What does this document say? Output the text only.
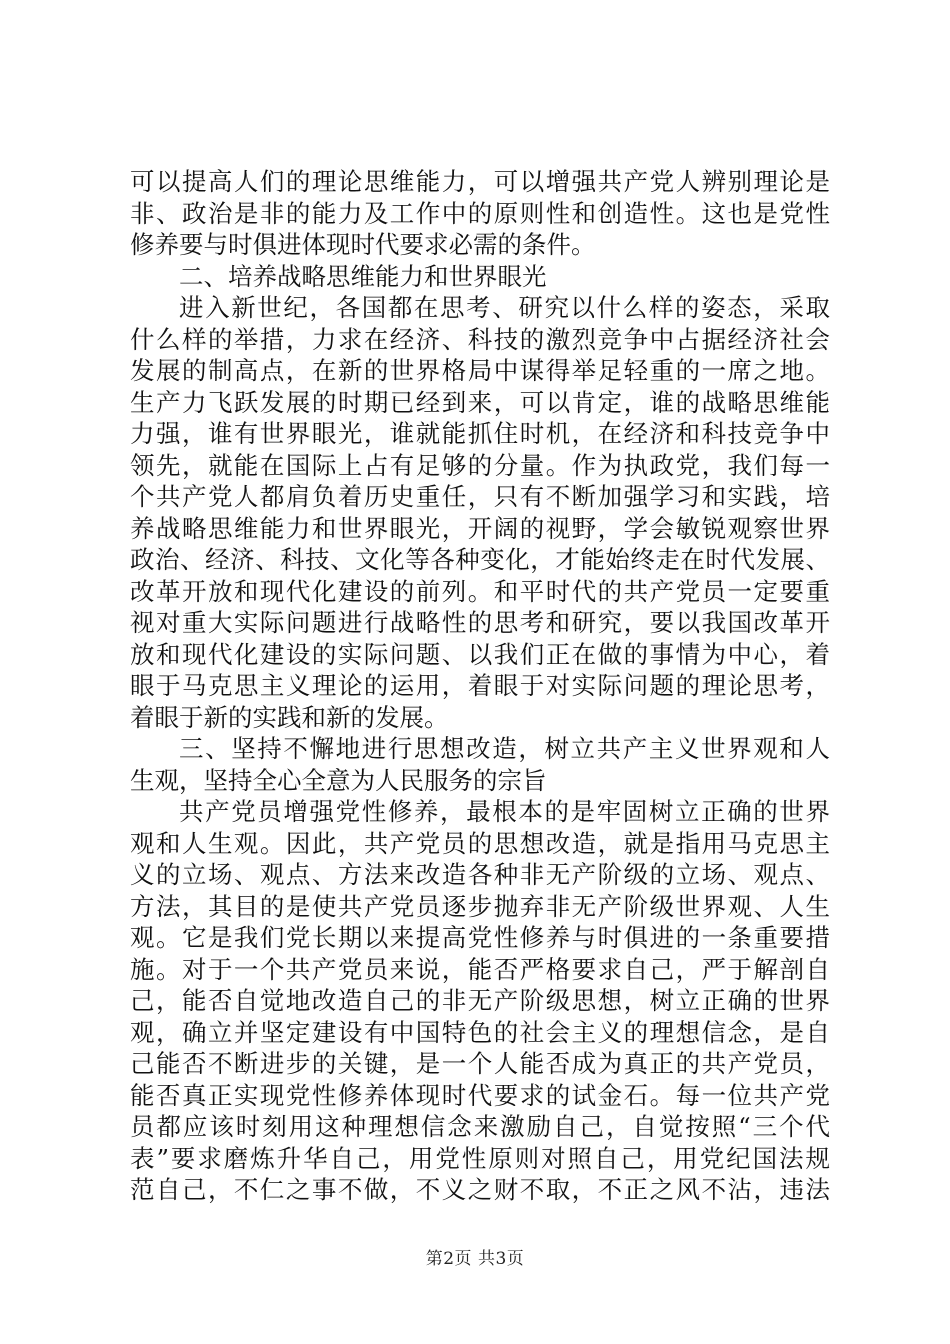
可以提高人们的理论思维能力，可以增强共产党人辨别理论是
非、政治是非的能力及工作中的原则性和创造性。这也是党性
修养要与时俱进体现时代要求必需的条件。
二、培养战略思维能力和世界眼光
进入新世纪，各国都在思考、研究以什么样的姿态，采取
什么样的举措，力求在经济、科技的激烈竞争中占据经济社会
发展的制高点，在新的世界格局中谋得举足轻重的一席之地。
生产力飞跃发展的时期已经到来，可以肯定，谁的战略思维能
力强，谁有世界眼光，谁就能抓住时机，在经济和科技竞争中
领先，就能在国际上占有足够的分量。作为执政党，我们每一
个共产党人都肩负着历史重任，只有不断加强学习和实践，培
养战略思维能力和世界眼光，开阔的视野，学会敏锐观察世界
政治、经济、科技、文化等各种变化，才能始终走在时代发展、
改革开放和现代化建设的前列。和平时代的共产党员一定要重
视对重大实际问题进行战略性的思考和研究，要以我国改革开
放和现代化建设的实际问题、以我们正在做的事情为中心，着
眼于马克思主义理论的运用，着眼于对实际问题的理论思考，
着眼于新的实践和新的发展。
三、坚持不懈地进行思想改造，树立共产主义世界观和人
生观，坚持全心全意为人民服务的宗旨
共产党员增强党性修养，最根本的是牢固树立正确的世界
观和人生观。因此，共产党员的思想改造，就是指用马克思主
义的立场、观点、方法来改造各种非无产阶级的立场、观点、
方法，其目的是使共产党员逐步抛弃非无产阶级世界观、人生
观。它是我们党长期以来提高党性修养与时俱进的一条重要措
施。对于一个共产党员来说，能否严格要求自己，严于解剖自
己，能否自觉地改造自己的非无产阶级思想，树立正确的世界
观，确立并坚定建设有中国特色的社会主义的理想信念，是自
己能否不断进步的关键，是一个人能否成为真正的共产党员，
能否真正实现党性修养体现时代要求的试金石。每一位共产党
员都应该时刻用这种理想信念来激励自己，自觉按照“三个代
表”要求磨炼升华自己，用党性原则对照自己，用党纪国法规
范自己，不仁之事不做，不义之财不取，不正之风不沾，违法
第2页 共3页
